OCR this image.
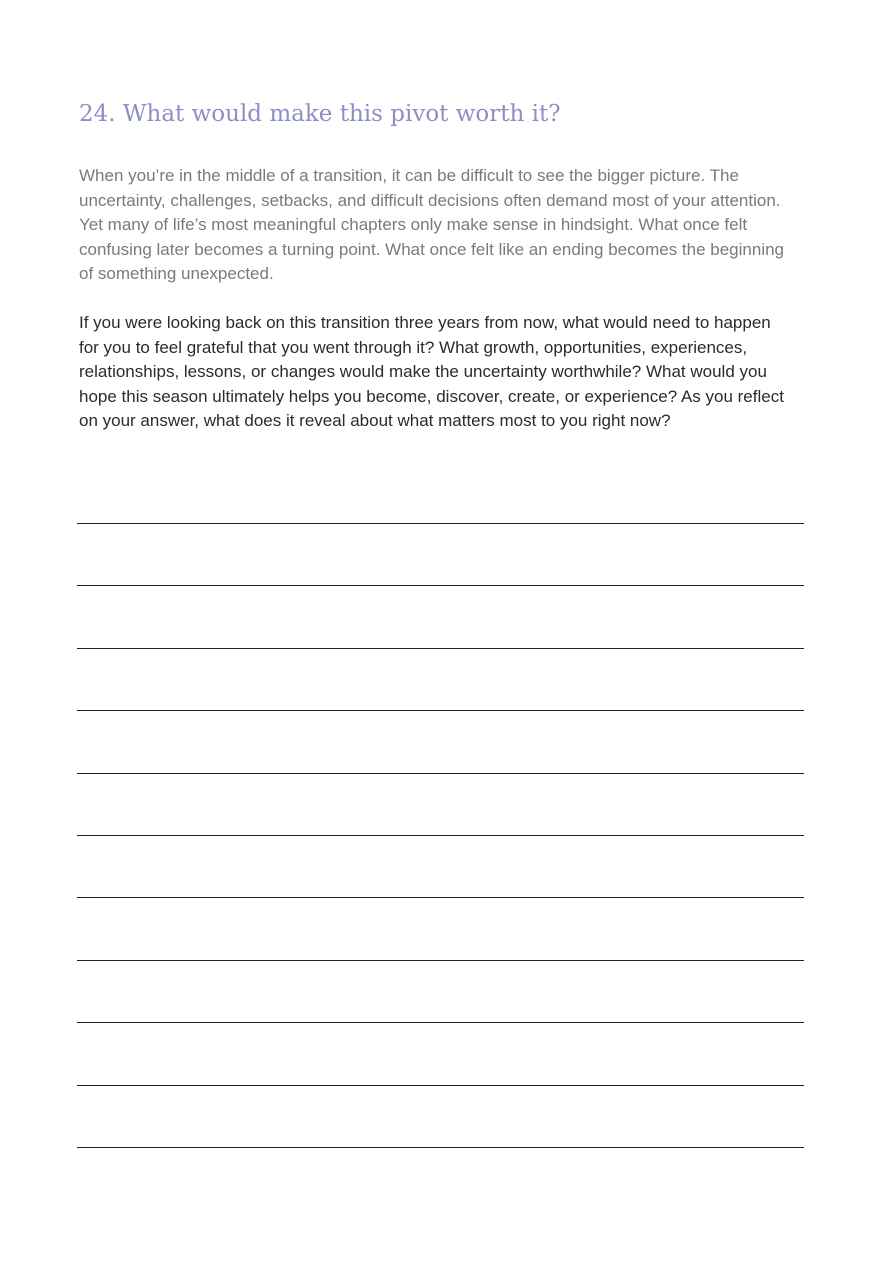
24. What would make this pivot worth it?

When you’re in the middle of a transition, it can be difficult to see the bigger picture. The uncertainty, challenges, setbacks, and difficult decisions often demand most of your attention. Yet many of life’s most meaningful chapters only make sense in hindsight. What once felt confusing later becomes a turning point. What once felt like an ending becomes the beginning of something unexpected.

If you were looking back on this transition three years from now, what would need to happen for you to feel grateful that you went through it? What growth, opportunities, experiences, relationships, lessons, or changes would make the uncertainty worthwhile? What would you hope this season ultimately helps you become, discover, create, or experience? As you reflect on your answer, what does it reveal about what matters most to you right now?
